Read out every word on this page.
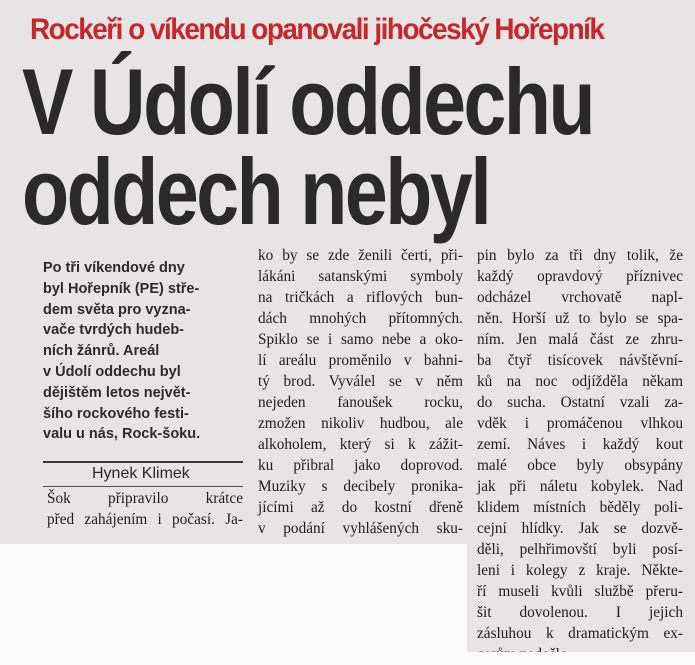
Rockeři o víkendu opanovali jihočeský Hořepník
V Údolí oddechu
oddech nebyl

Po tři víkendové dny

byl Hořepník (PE) stře-

dem světa pro vyzna-

vače tvrdých hudeb-

ních žánrů. Areál

v Údolí oddechu byl

dějištěm letos největ-

šího rockového festi-

valu u nás, Rock-šoku.

Hynek Klimek

Šok připravilo krátce

před zahájením i počasí. Ja-

ko by se zde ženili čerti, při-

lákáni satanskými symboly

na tričkách a riflových bun-

dách mnohých přítomných.

Spiklo se i samo nebe a oko-

lí areálu proměnilo v bahni-

tý brod. Vyválel se v něm

nejeden fanoušek rocku,

zmožen nikoliv hudbou, ale

alkoholem, který si k zážit-

ku přibral jako doprovod.

Muziky s decibely pronika-

jícími až do kostní dřeně

v podání vyhlášených sku-

pin bylo za tři dny tolik, že

každý opravdový příznivec

odcházel vrchovatě napl-

něn. Horší už to bylo se spa-

ním. Jen malá část ze zhru-

ba čtyř tisícovek návštěvní-

ků na noc odjížděla někam

do sucha. Ostatní vzali za-

vděk i promáčenou vlhkou

zemí. Náves i každý kout

malé obce byly obsypány

jak při náletu kobylek. Nad

klidem místních běděly poli-

cejní hlídky. Jak se dozvě-

děli, pelhřimovští byli posí-

leni i kolegy z kraje. Někte-

ří museli kvůli službě přeru-

šit dovolenou. I jejich

zásluhou k dramatickým ex-
